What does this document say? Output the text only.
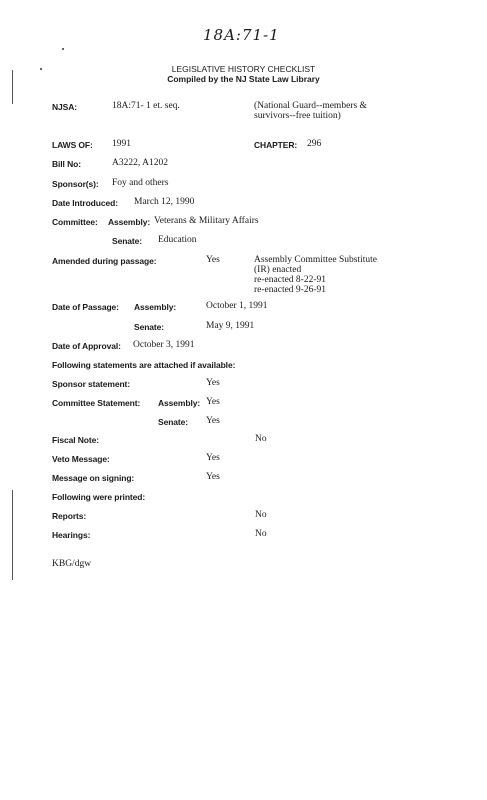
18A:71-1
LEGISLATIVE HISTORY CHECKLIST
Compiled by the NJ State Law Library
NJSA:	18A:71- 1 et. seq.	(National Guard--members &
survivors--free tuition)
LAWS OF: 1991	CHAPTER: 296
Bill No:	A3222, A1202
Sponsor(s): Foy and others
Date Introduced: March 12, 1990
Committee: Assembly: Veterans & Military Affairs
Senate: Education
Amended during passage:	Yes	Assembly Committee Substitute
(IR) enacted
re-enacted 8-22-91
re-enacted 9-26-91
Date of Passage: Assembly:	October 1, 1991
Senate:	May 9, 1991
Date of Approval: October 3, 1991
Following statements are attached if available:
Sponsor statement:	Yes
Committee Statement: Assembly: Yes
Senate: Yes
Fiscal Note:	No
Veto Message:	Yes
Message on signing:	Yes
Following were printed:
Reports:	No
Hearings:	No
KBG/dgw
